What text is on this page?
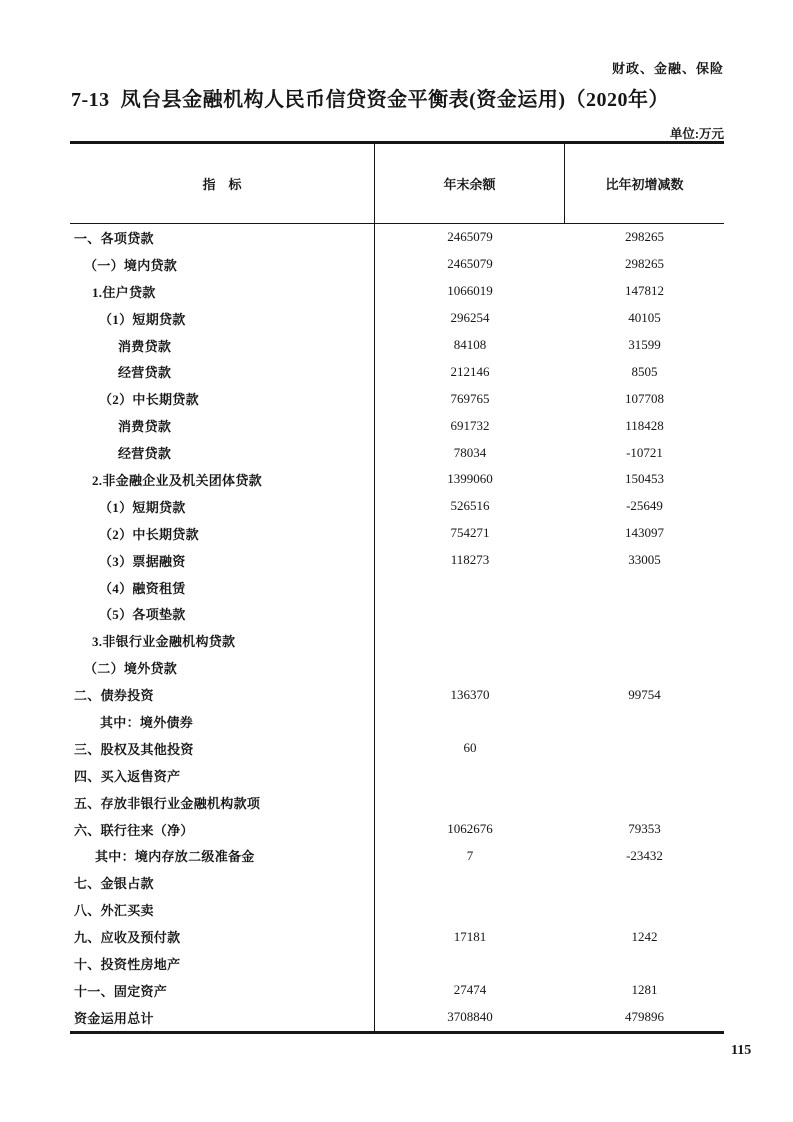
财政、金融、保险
7-13  凤台县金融机构人民币信贷资金平衡表(资金运用)（2020年）
单位:万元
指　标	年末余额	比年初增减数
一、各项贷款	2465079	298265
（一）境内贷款	2465079	298265
1.住户贷款	1066019	147812
（1）短期贷款	296254	40105
消费贷款	84108	31599
经营贷款	212146	8505
（2）中长期贷款	769765	107708
消费贷款	691732	118428
经营贷款	78034	-10721
2.非金融企业及机关团体贷款	1399060	150453
（1）短期贷款	526516	-25649
（2）中长期贷款	754271	143097
（3）票据融资	118273	33005
（4）融资租赁
（5）各项垫款
3.非银行业金融机构贷款
（二）境外贷款
二、债券投资	136370	99754
其中：境外债券
三、股权及其他投资	60
四、买入返售资产
五、存放非银行业金融机构款项
六、联行往来（净）	1062676	79353
其中：境内存放二级准备金	7	-23432
七、金银占款
八、外汇买卖
九、应收及预付款	17181	1242
十、投资性房地产
十一、固定资产	27474	1281
资金运用总计	3708840	479896
115
